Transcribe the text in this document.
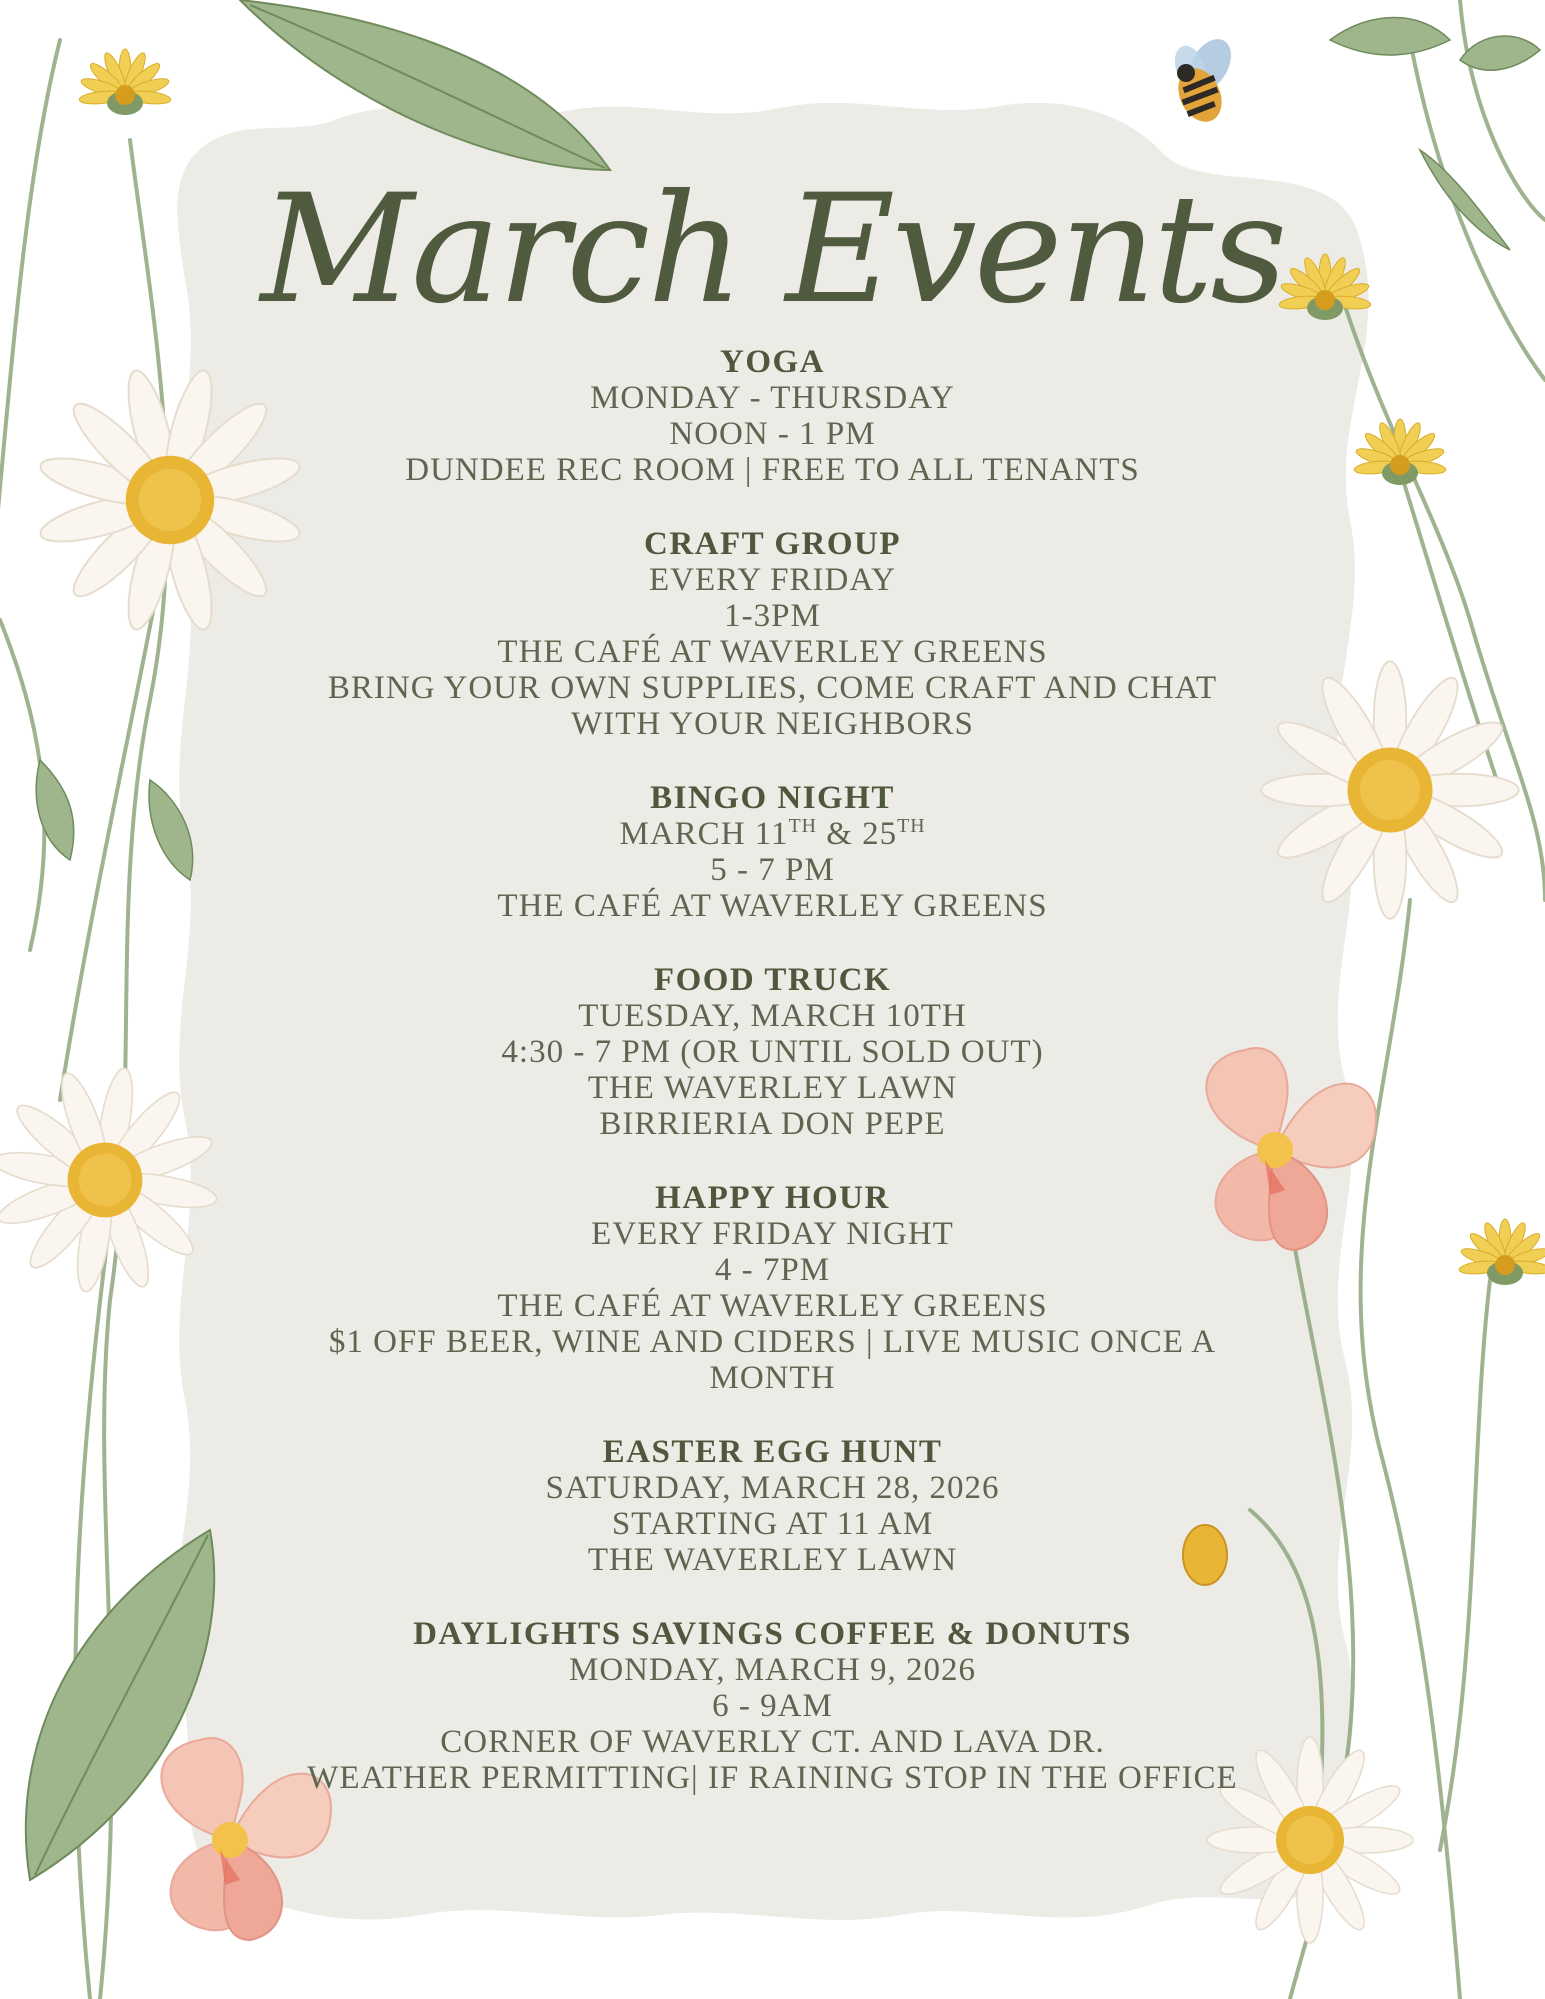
March Events
YOGA
MONDAY - THURSDAY
NOON - 1 PM
DUNDEE REC ROOM | FREE TO ALL TENANTS
CRAFT GROUP
EVERY FRIDAY
1-3PM
THE CAFÉ AT WAVERLEY GREENS
BRING YOUR OWN SUPPLIES, COME CRAFT AND CHAT
WITH YOUR NEIGHBORS
BINGO NIGHT
MARCH 11TH & 25TH
5 - 7 PM
THE CAFÉ AT WAVERLEY GREENS
FOOD TRUCK
TUESDAY, MARCH 10TH
4:30 - 7 PM (OR UNTIL SOLD OUT)
THE WAVERLEY LAWN
BIRRIERIA DON PEPE
HAPPY HOUR
EVERY FRIDAY NIGHT
4 - 7PM
THE CAFÉ AT WAVERLEY GREENS
$1 OFF BEER, WINE AND CIDERS | LIVE MUSIC ONCE A
MONTH
EASTER EGG HUNT
SATURDAY, MARCH 28, 2026
STARTING AT 11 AM
THE WAVERLEY LAWN
DAYLIGHTS SAVINGS COFFEE & DONUTS
MONDAY, MARCH 9, 2026
6 - 9AM
CORNER OF WAVERLY CT. AND LAVA DR.
WEATHER PERMITTING| IF RAINING STOP IN THE OFFICE
